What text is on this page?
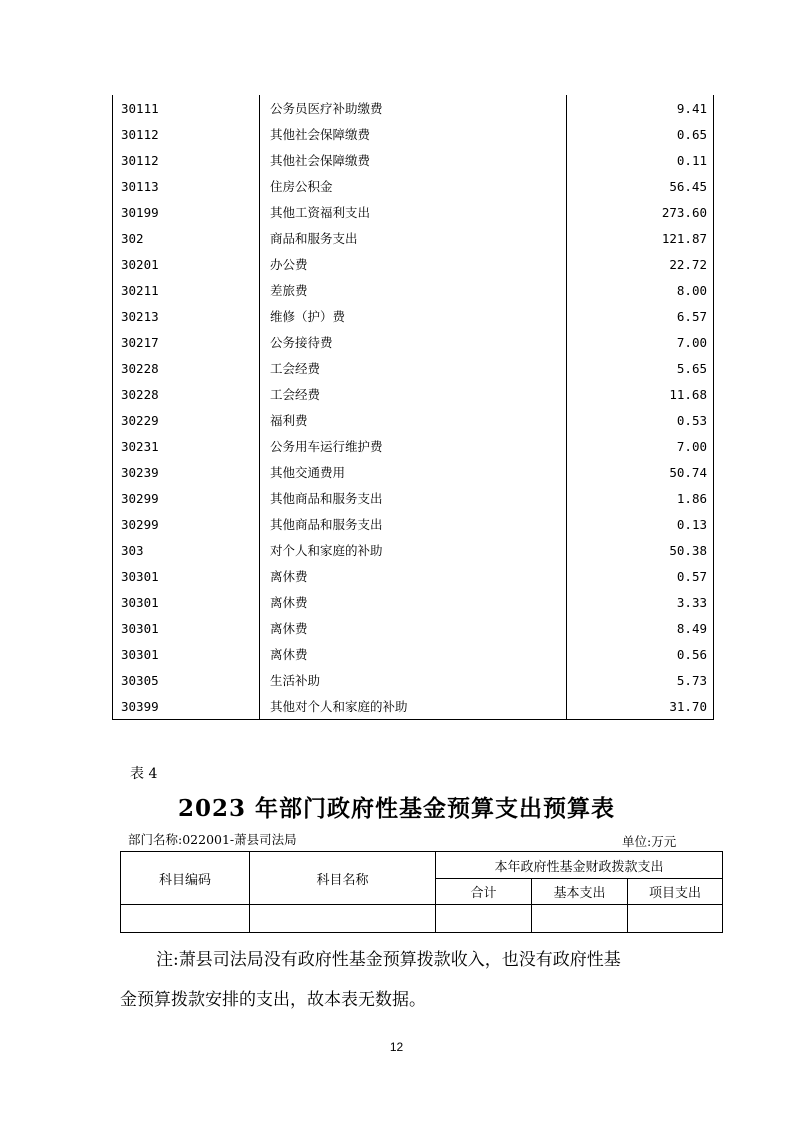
30111	公务员医疗补助缴费	9.41
30112	其他社会保障缴费	0.65
30112	其他社会保障缴费	0.11
30113	住房公积金	56.45
30199	其他工资福利支出	273.60
302	商品和服务支出	121.87
30201	办公费	22.72
30211	差旅费	8.00
30213	维修（护）费	6.57
30217	公务接待费	7.00
30228	工会经费	5.65
30228	工会经费	11.68
30229	福利费	0.53
30231	公务用车运行维护费	7.00
30239	其他交通费用	50.74
30299	其他商品和服务支出	1.86
30299	其他商品和服务支出	0.13
303	对个人和家庭的补助	50.38
30301	离休费	0.57
30301	离休费	3.33
30301	离休费	8.49
30301	离休费	0.56
30305	生活补助	5.73
30399	其他对个人和家庭的补助	31.70
表 4
2023 年部门政府性基金预算支出预算表
部门名称:022001-萧县司法局	单位:万元
科目编码	科目名称	本年政府性基金财政拨款支出		
		合计	基本支出	项目支出

注:萧县司法局没有政府性基金预算拨款收入，也没有政府性基

金预算拨款安排的支出，故本表无数据。

12
